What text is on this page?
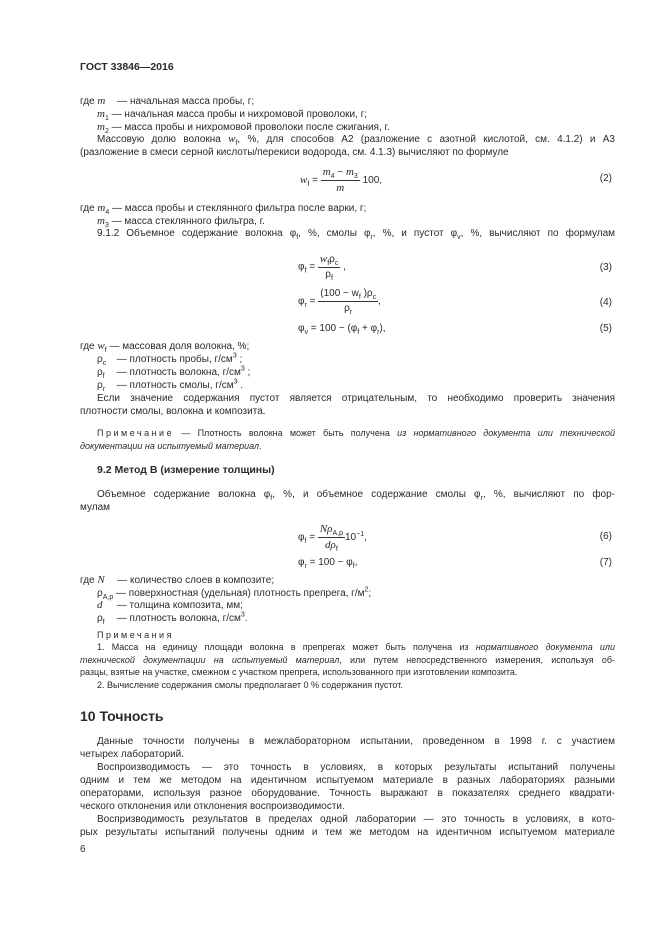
ГОСТ 33846—2016
где m — начальная масса пробы, г;
$m_1$ — начальная масса пробы и нихромовой проволоки, г;
$m_2$ — масса пробы и нихромовой проволоки после сжигания, г.
Массовую долю волокна $w_f$, %, для способов А2 (разложение с азотной кислотой, см. 4.1.2) и А3
(разложение в смеси серной кислоты/перекиси водорода, см. 4.1.3) вычисляют по формуле
$w_f = \frac{m_4 - m_3}{m} 100$,	(2)
где $m_4$ — масса пробы и стеклянного фильтра после варки, г;
$m_3$ — масса стеклянного фильтра, г.
9.1.2 Объемное содержание волокна $\varphi_f$, %, смолы $\varphi_r$, %, и пустот $\varphi_v$, %, вычисляют по формулам
$\varphi_f = \frac{w_f\rho_c}{\rho_f}$ ,	(3)
$\varphi_r = \frac{(100 - w_f )\rho_c}{\rho_r}$ ,	(4)
$\varphi_v = 100 - (\varphi_f + \varphi_r)$,	(5)
где $w_f$ — массовая доля волокна, %;
$\rho_c$ — плотность пробы, $г/см^3$ ;
$\rho_f$ — плотность волокна, $г/см^3$ ;
$\rho_r$ — плотность смолы, $г/см^3$ .
Если значение содержания пустот является отрицательным, то необходимо проверить значения
плотности смолы, волокна и композита.
Примечание — Плотность волокна может быть получена из нормативного документа или технической
документации на испытуемый материал.
9.2 Метод В (измерение толщины)
Объемное содержание волокна $\varphi_f$, %, и объемное содержание смолы $\varphi_r$, %, вычисляют по фор-
мулам
$\varphi_f = \frac{N\rho_{A,p}}{d\rho_f} 10^{-1}$,	(6)
$\varphi_r = 100 - \varphi_f$,	(7)
где N — количество слоев в композите;
$\rho_{A,p}$ — поверхностная (удельная) плотность препрега, $г/м^2$;
d — толщина композита, мм;
$\rho_f$ — плотность волокна, $г/см^3$.
Примечания
1. Масса на единицу площади волокна в препрегах может быть получена из нормативного документа или
технической документации на испытуемый материал, или путем непосредственного измерения, используя об-
разцы, взятые на участке, смежном с участком препрега, использованного при изготовлении композита.
2. Вычисление содержания смолы предполагает 0 % содержания пустот.
10 Точность
Данные точности получены в межлабораторном испытании, проведенном в 1998 г. с участием
четырех лабораторий.
Воспроизводимость — это точность в условиях, в которых результаты испытаний получены
одним и тем же методом на идентичном испытуемом материале в разных лабораториях разными
операторами, используя разное оборудование. Точность выражают в показателях среднего квадрати-
ческого отклонения или отклонения воспроизводимости.
Воспризводимость результатов в пределах одной лаборатории — это точность в условиях, в кото-
рых результаты испытаний получены одним и тем же методом на идентичном испытуемом материале
6
